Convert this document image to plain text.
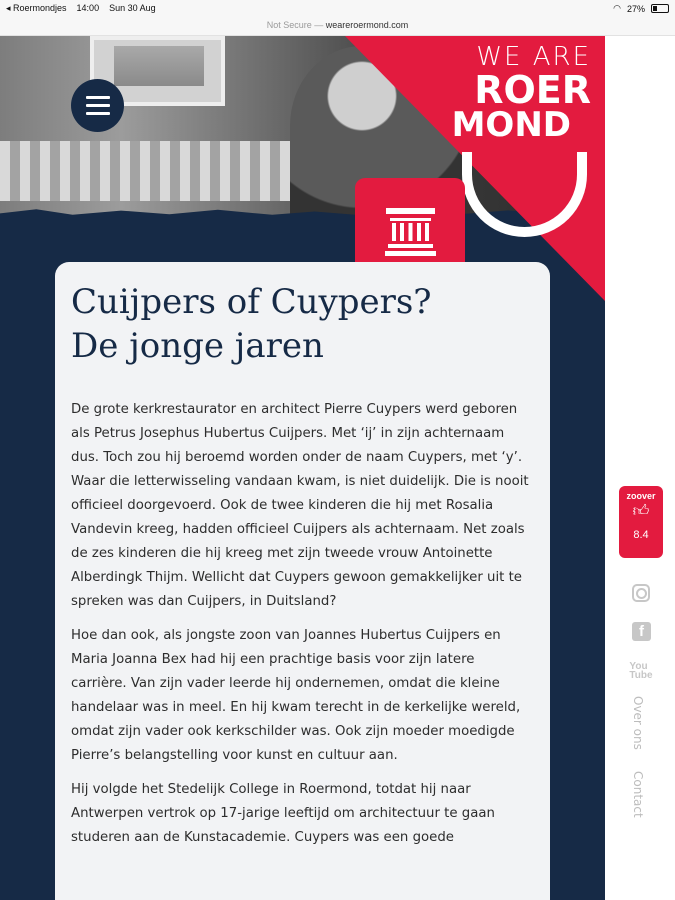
◂ Roermondjes 14:00 Sun 30 Aug	◠ 27%
Not Secure — weareroermond.com
WE ARE
ROER
MOND
Cuijpers of Cuypers?
De jonge jaren

De grote kerkrestaurator en architect Pierre Cuypers werd geboren als Petrus Josephus Hubertus Cuijpers. Met ‘ij’ in zijn achternaam dus. Toch zou hij beroemd worden onder de naam Cuypers, met ‘y’.
Waar die letterwisseling vandaan kwam, is niet duidelijk. Die is nooit officieel doorgevoerd. Ook de twee kinderen die hij met Rosalia Vandevin kreeg, hadden officieel Cuijpers als achternaam. Net zoals de zes kinderen die hij kreeg met zijn tweede vrouw Antoinette Alberdingk Thijm. Wellicht dat Cuypers gewoon gemakkelijker uit te spreken was dan Cuijpers, in Duitsland?

Hoe dan ook, als jongste zoon van Joannes Hubertus Cuijpers en Maria Joanna Bex had hij een prachtige basis voor zijn latere carrière. Van zijn vader leerde hij ondernemen, omdat die kleine handelaar was in meel. En hij kwam terecht in de kerkelijke wereld, omdat zijn vader ook kerkschilder was. Ook zijn moeder moedigde Pierre’s belangstelling voor kunst en cultuur aan.

Hij volgde het Stedelijk College in Roermond, totdat hij naar Antwerpen vertrok op 17-jarige leeftijd om architectuur te gaan studeren aan de Kunstacademie. Cuypers was een goede

zoover
👍︎
8.4
f
You
Tube
Over ons
Contact
